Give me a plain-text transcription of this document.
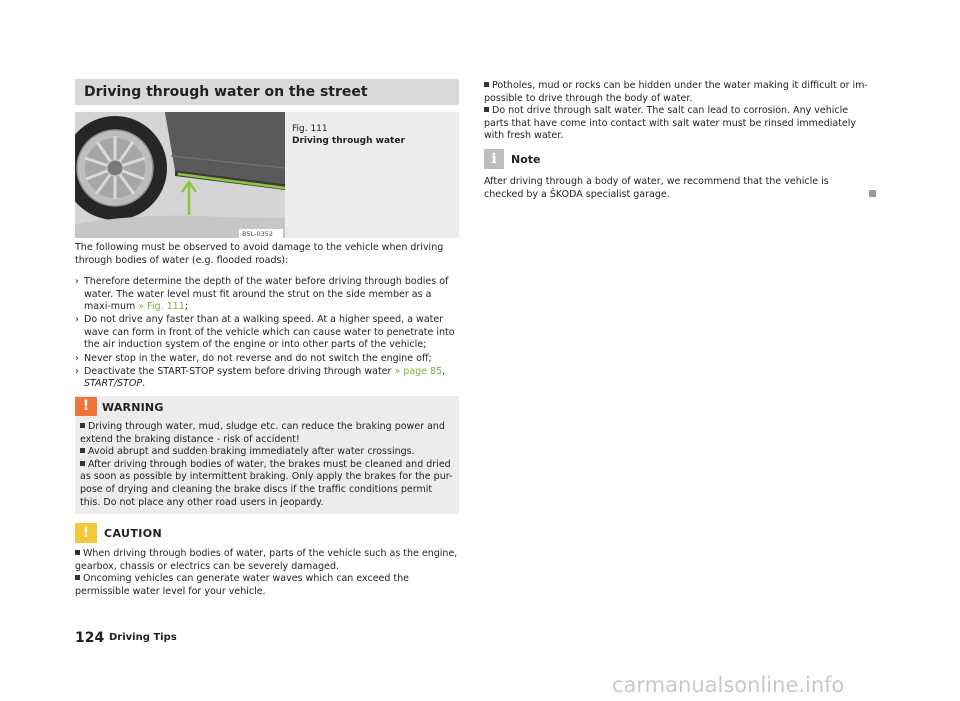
Driving through water on the street
B5L-0352
Fig. 111
Driving through water
The following must be observed to avoid damage to the vehicle when driving through bodies of water (e.g. flooded roads):
› Therefore determine the depth of the water before driving through bodies of water. The water level must fit around the strut on the side member as a maxi-mum » Fig. 111;
› Do not drive any faster than at a walking speed. At a higher speed, a water wave can form in front of the vehicle which can cause water to penetrate into the air induction system of the engine or into other parts of the vehicle;
› Never stop in the water, do not reverse and do not switch the engine off;
› Deactivate the START-STOP system before driving through water » page 85, START/STOP.
!	WARNING
Driving through water, mud, sludge etc. can reduce the braking power and extend the braking distance - risk of accident!
Avoid abrupt and sudden braking immediately after water crossings.
After driving through bodies of water, the brakes must be cleaned and dried as soon as possible by intermittent braking. Only apply the brakes for the pur-pose of drying and cleaning the brake discs if the traffic conditions permit this. Do not place any other road users in jeopardy.
!	CAUTION
When driving through bodies of water, parts of the vehicle such as the engine, gearbox, chassis or electrics can be severely damaged.
Oncoming vehicles can generate water waves which can exceed the permissible water level for your vehicle.
Potholes, mud or rocks can be hidden under the water making it difficult or im-possible to drive through the body of water.
Do not drive through salt water. The salt can lead to corrosion. Any vehicle parts that have come into contact with salt water must be rinsed immediately with fresh water.
i	Note
After driving through a body of water, we recommend that the vehicle is checked by a ŠKODA specialist garage.
124 Driving Tips
carmanualsonline.info
